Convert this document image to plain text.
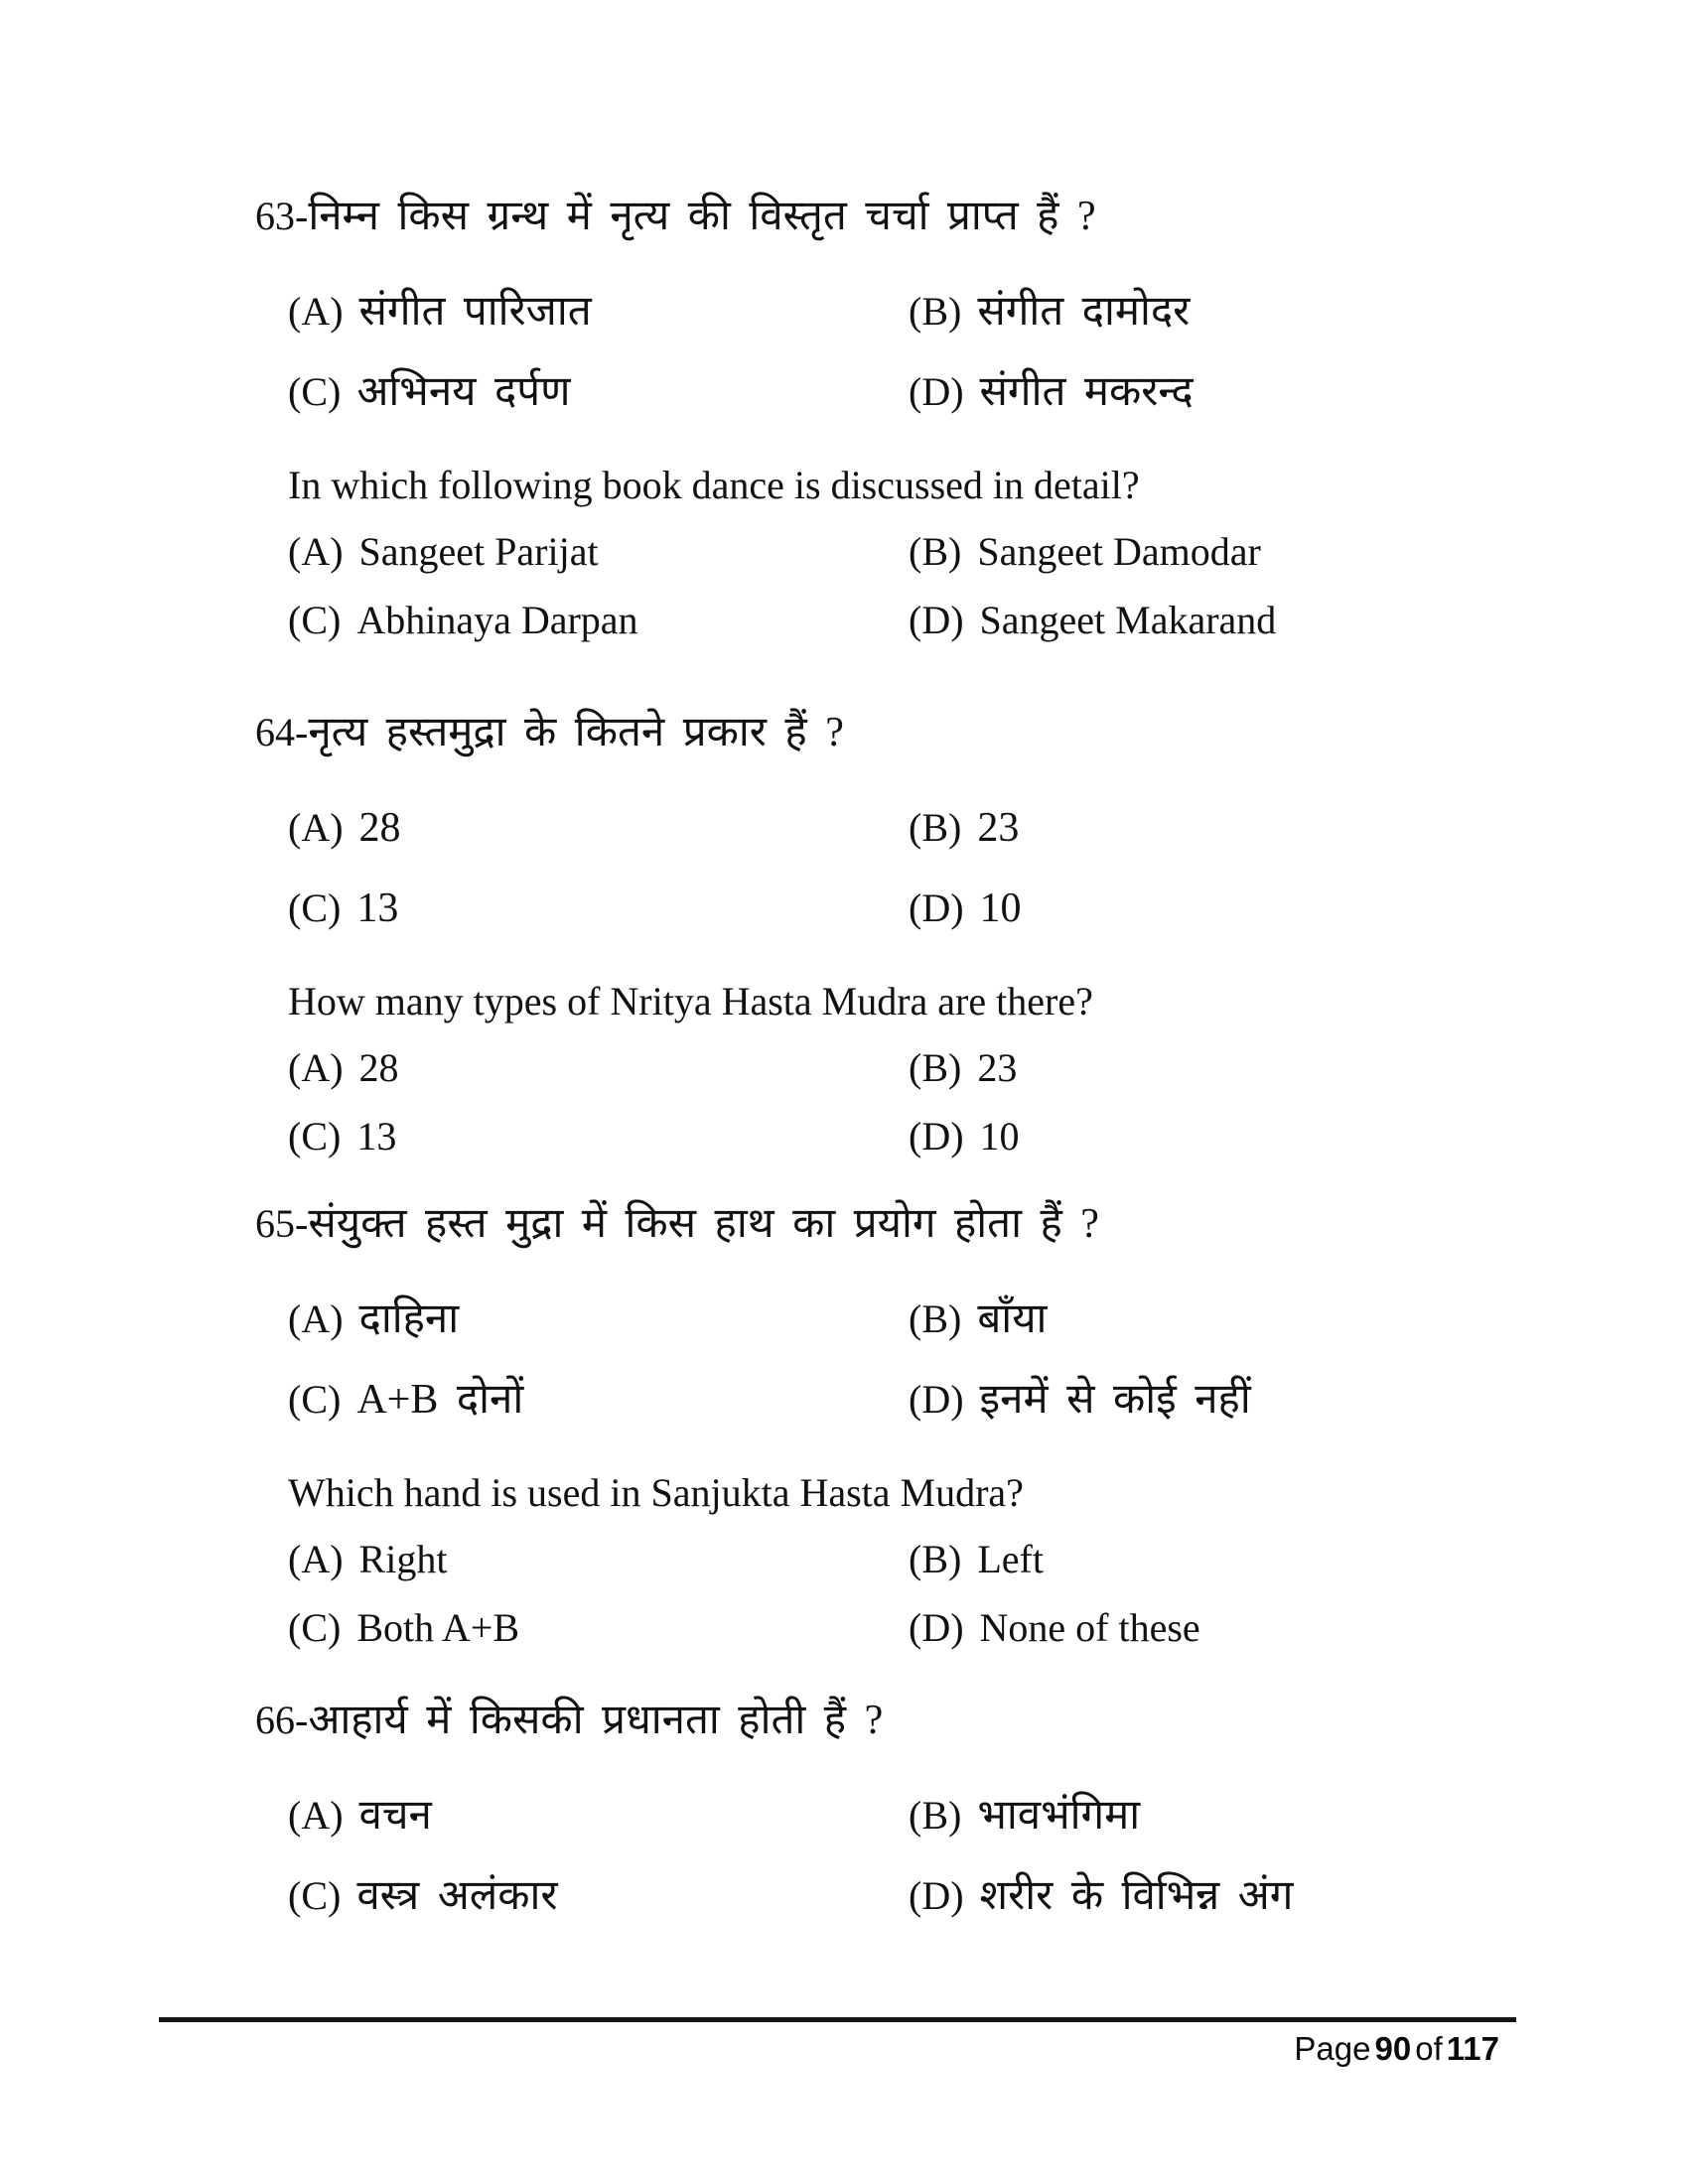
63-निम्न किस ग्रन्थ में नृत्य की विस्तृत चर्चा प्राप्त हैं ?

(A) संगीत पारिजात	(B) संगीत दामोदर

(C) अभिनय दर्पण	(D) संगीत मकरन्द

In which following book dance is discussed in detail?

(A) Sangeet Parijat	(B) Sangeet Damodar

(C) Abhinaya Darpan	(D) Sangeet Makarand

64-नृत्य हस्तमुद्रा के कितने प्रकार हैं ?

(A) 28	(B) 23

(C) 13	(D) 10

How many types of Nritya Hasta Mudra are there?

(A) 28	(B) 23

(C) 13	(D) 10

65-संयुक्त हस्त मुद्रा में किस हाथ का प्रयोग होता हैं ?

(A) दाहिना	(B) बाँया

(C) A+B दोनों	(D) इनमें से कोई नहीं

Which hand is used in Sanjukta Hasta Mudra?

(A) Right	(B) Left

(C) Both A+B	(D) None of these

66-आहार्य में किसकी प्रधानता होती हैं ?

(A) वचन	(B) भावभंगिमा

(C) वस्त्र अलंकार	(D) शरीर के विभिन्न अंग

Page 90 of 117
